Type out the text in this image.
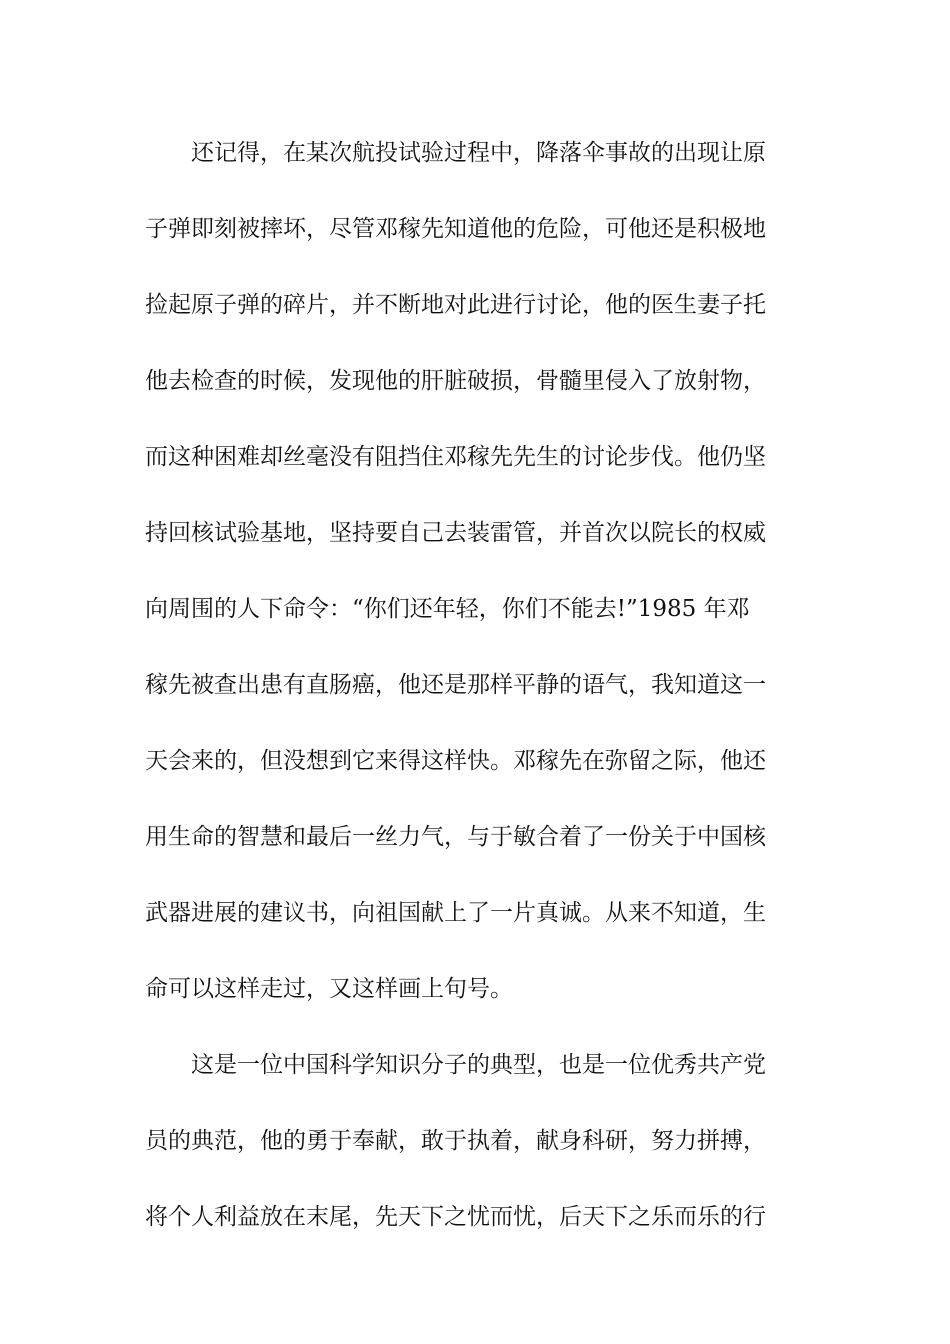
还记得，在某次航投试验过程中，降落伞事故的出现让原
子弹即刻被摔坏，尽管邓稼先知道他的危险，可他还是积极地
捡起原子弹的碎片，并不断地对此进行讨论，他的医生妻子托
他去检查的时候，发现他的肝脏破损，骨髓里侵入了放射物，
而这种困难却丝毫没有阻挡住邓稼先先生的讨论步伐。他仍坚
持回核试验基地，坚持要自己去装雷管，并首次以院长的权威
向周围的人下命令：“你们还年轻，你们不能去!”1985 年邓
稼先被查出患有直肠癌，他还是那样平静的语气，我知道这一
天会来的，但没想到它来得这样快。邓稼先在弥留之际，他还
用生命的智慧和最后一丝力气，与于敏合着了一份关于中国核
武器进展的建议书，向祖国献上了一片真诚。从来不知道，生
命可以这样走过，又这样画上句号。
这是一位中国科学知识分子的典型，也是一位优秀共产党
员的典范，他的勇于奉献，敢于执着，献身科研，努力拼搏，
将个人利益放在末尾，先天下之忧而忧，后天下之乐而乐的行
